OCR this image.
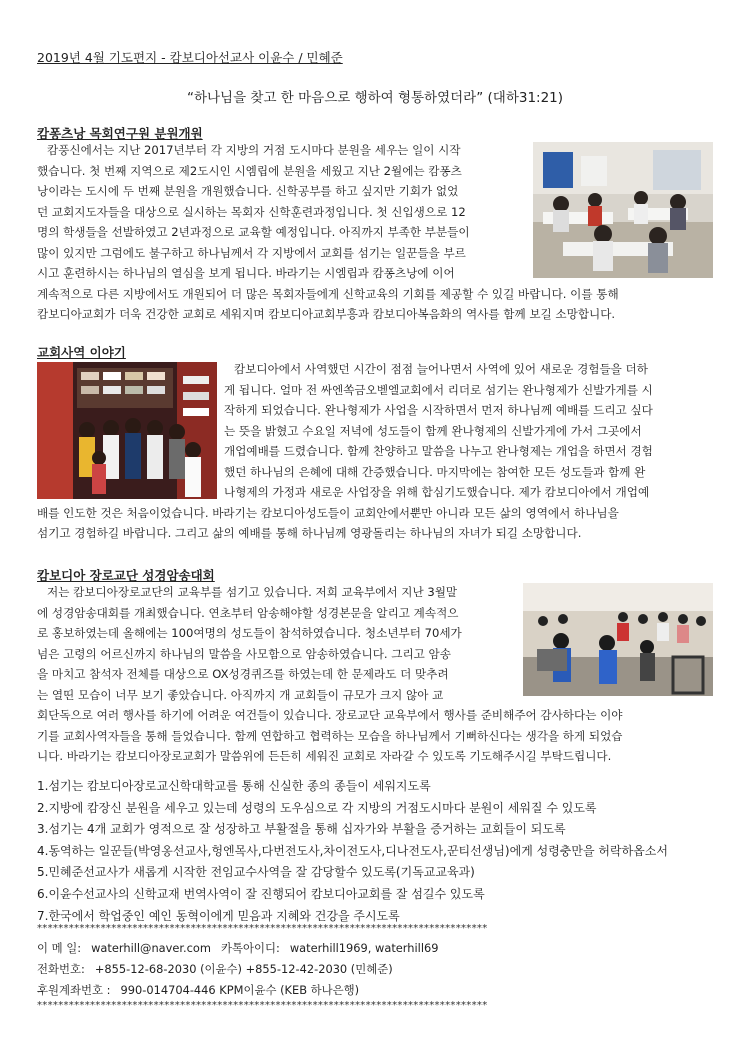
2019년 4월 기도편지 - 캄보디아선교사 이윤수 / 민혜준
“하나님을 찾고 한 마음으로 행하여 형통하였더라” (대하31:21)
캄퐁츠낭 목회연구원 분원개원
캄풍신에서는 지난 2017년부터 각 지방의 거점 도시마다 분원을 세우는 일이 시작
했습니다. 첫 번째 지역으로 제2도시인 시엠립에 분원을 세웠고 지난 2월에는 캄퐁츠
낭이라는 도시에 두 번째 분원을 개원했습니다. 신학공부를 하고 싶지만 기회가 없었
던 교회지도자들을 대상으로 실시하는 목회자 신학훈련과정입니다. 첫 신입생으로 12
명의 학생들을 선발하였고 2년과정으로 교육할 예정입니다. 아직까지 부족한 부분들이
많이 있지만 그럼에도 불구하고 하나님께서 각 지방에서 교회를 섬기는 일꾼들을 부르
시고 훈련하시는 하나님의 열심을 보게 됩니다. 바라기는 시엠립과 캄퐁츠낭에 이어
계속적으로 다른 지방에서도 개원되어 더 많은 목회자들에게 신학교육의 기회를 제공할 수 있길 바랍니다. 이를 통해
캄보디아교회가 더욱 건강한 교회로 세워지며 캄보디아교회부흥과 캄보디아복음화의 역사를 함께 보길 소망합니다.
교회사역 이야기
캄보디아에서 사역했던 시간이 점점 늘어나면서 사역에 있어 새로운 경험들을 더하
게 됩니다. 얼마 전 싸엔쏙금오벧엘교회에서 리더로 섬기는 완나형제가 신발가게를 시
작하게 되었습니다. 완나형제가 사업을 시작하면서 먼저 하나님께 예배를 드리고 싶다
는 뜻을 밝혔고 수요일 저녁에 성도들이 함께 완나형제의 신발가게에 가서 그곳에서
개업예배를 드렸습니다. 함께 찬양하고 말씀을 나누고 완나형제는 개업을 하면서 경험
했던 하나님의 은혜에 대해 간증했습니다. 마지막에는 참여한 모든 성도들과 함께 완
나형제의 가정과 새로운 사업장을 위해 합심기도했습니다. 제가 캄보디아에서 개업예
배를 인도한 것은 처음이었습니다. 바라기는 캄보디아성도들이 교회안에서뿐만 아니라 모든 삶의 영역에서 하나님을
섬기고 경험하길 바랍니다. 그리고 삶의 예배를 통해 하나님께 영광돌리는 하나님의 자녀가 되길 소망합니다.
캄보디아 장로교단 성경암송대회
저는 캄보디아장로교단의 교육부를 섬기고 있습니다. 저희 교육부에서 지난 3월말
에 성경암송대회를 개최했습니다. 연초부터 암송해야할 성경본문을 알리고 계속적으
로 홍보하였는데 올해에는 100여명의 성도들이 참석하였습니다. 청소년부터 70세가
넘은 고령의 어르신까지 하나님의 말씀을 사모함으로 암송하였습니다. 그리고 암송
을 마치고 참석자 전체를 대상으로 OX성경퀴즈를 하였는데 한 문제라도 더 맞추려
는 열띤 모습이 너무 보기 좋았습니다. 아직까지 개 교회들이 규모가 크지 않아 교
회단독으로 여러 행사를 하기에 어려운 여건들이 있습니다. 장로교단 교육부에서 행사를 준비해주어 감사하다는 이야
기를 교회사역자들을 통해 들었습니다. 함께 연합하고 협력하는 모습을 하나님께서 기뻐하신다는 생각을 하게 되었습
니다. 바라기는 캄보디아장로교회가 말씀위에 든든히 세워진 교회로 자라갈 수 있도록 기도해주시길 부탁드립니다.
1.섬기는 캄보디아장로교신학대학교를 통해 신실한 종의 종들이 세워지도록
2.지방에 캄장신 분원을 세우고 있는데 성령의 도우심으로 각 지방의 거점도시마다 분원이 세워질 수 있도록
3.섬기는 4개 교회가 영적으로 잘 성장하고 부활절을 통해 십자가와 부활을 증거하는 교회들이 되도록
4.동역하는 일꾼들(박영옹선교사,헝엔목사,다번전도사,차이전도사,디나전도사,꾼티선생님)에게 성령충만을 허락하옵소서
5.민혜준선교사가 새롭게 시작한 전임교수사역을 잘 감당할수 있도록(기독교교육과)
6.이윤수선교사의 신학교재 번역사역이 잘 진행되어 캄보디아교회를 잘 섬길수 있도록
7.한국에서 학업중인 예인 동혁이에게 믿음과 지혜와 건강을 주시도록
*************************************************************************************
이 메 일: waterhill@naver.com 카톡아이디: waterhill1969, waterhill69
전화번호: +855-12-68-2030 (이윤수) +855-12-42-2030 (민혜준)
후원계좌번호 : 990-014704-446 KPM이윤수 (KEB 하나은행)
*************************************************************************************
